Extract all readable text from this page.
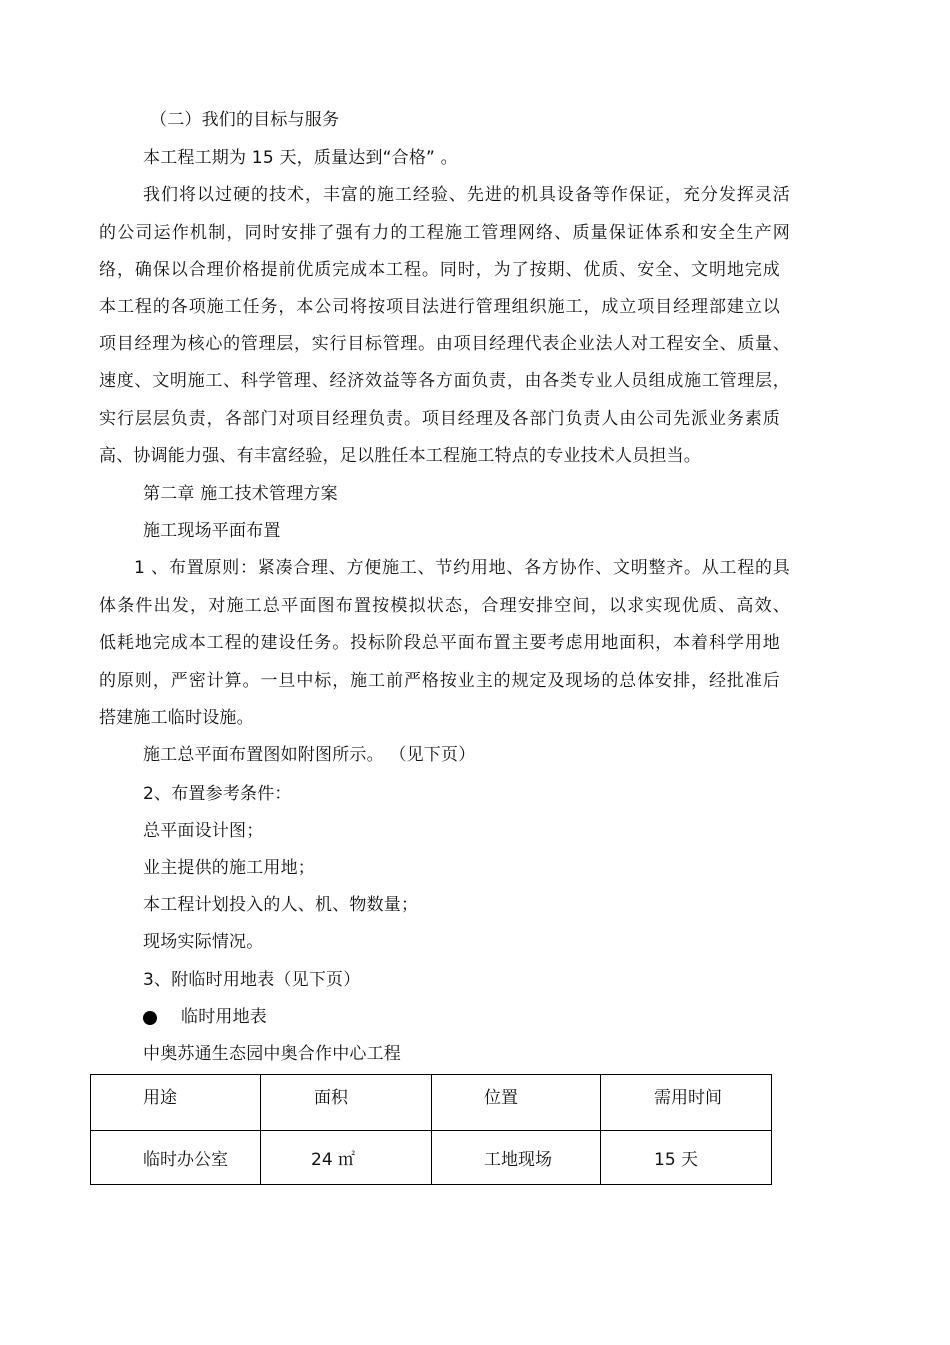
（二）我们的目标与服务
本工程工期为 15 天，质量达到“合格” 。
我们将以过硬的技术，丰富的施工经验、先进的机具设备等作保证，充分发挥灵活
的公司运作机制，同时安排了强有力的工程施工管理网络、质量保证体系和安全生产网
络，确保以合理价格提前优质完成本工程。同时，为了按期、优质、安全、文明地完成
本工程的各项施工任务，本公司将按项目法进行管理组织施工，成立项目经理部建立以
项目经理为核心的管理层，实行目标管理。由项目经理代表企业法人对工程安全、质量、
速度、文明施工、科学管理、经济效益等各方面负责，由各类专业人员组成施工管理层，
实行层层负责，各部门对项目经理负责。项目经理及各部门负责人由公司先派业务素质
高、协调能力强、有丰富经验，足以胜任本工程施工特点的专业技术人员担当。
第二章 施工技术管理方案
施工现场平面布置
1 、布置原则：紧凑合理、方便施工、节约用地、各方协作、文明整齐。从工程的具
体条件出发，对施工总平面图布置按模拟状态，合理安排空间，以求实现优质、高效、
低耗地完成本工程的建设任务。投标阶段总平面布置主要考虑用地面积，本着科学用地
的原则，严密计算。一旦中标，施工前严格按业主的规定及现场的总体安排，经批准后
搭建施工临时设施。
施工总平面布置图如附图所示。 （见下页）
2、布置参考条件：
总平面设计图；
业主提供的施工用地；
本工程计划投入的人、机、物数量；
现场实际情况。
3、附临时用地表（见下页）
临时用地表
中奥苏通生态园中奥合作中心工程
用途	面积	位置	需用时间

临时办公室	24 ㎡	工地现场	15 天
